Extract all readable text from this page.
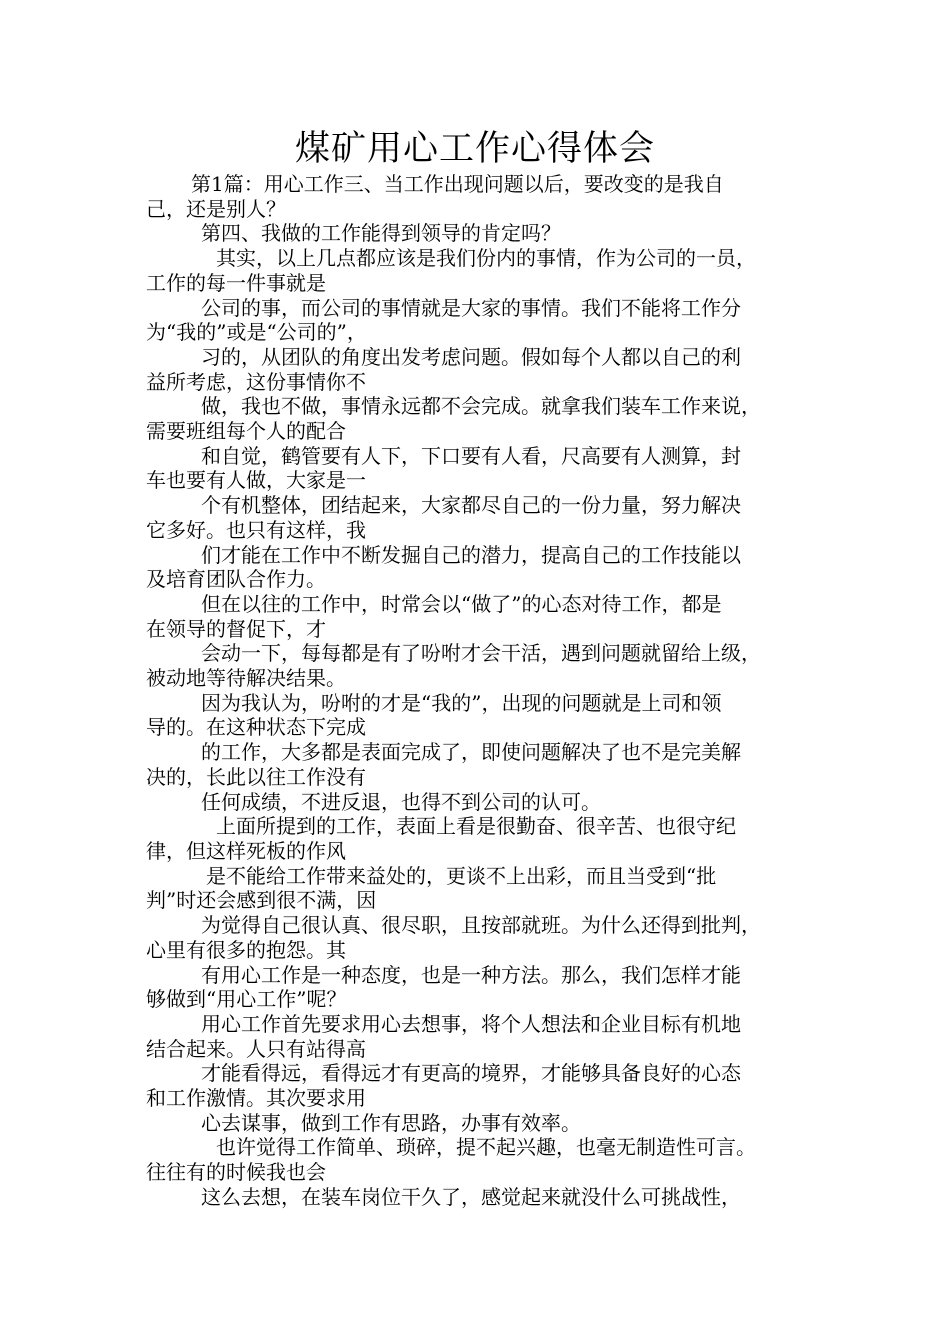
煤矿用心工作心得体会
第1篇：用心工作三、当工作出现问题以后，要改变的是我自
己，还是别人？
第四、我做的工作能得到领导的肯定吗？
其实，以上几点都应该是我们份内的事情，作为公司的一员，
工作的每一件事就是
公司的事，而公司的事情就是大家的事情。我们不能将工作分
为“我的”或是“公司的”，
习的，从团队的角度出发考虑问题。假如每个人都以自己的利
益所考虑，这份事情你不
做，我也不做，事情永远都不会完成。就拿我们装车工作来说，
需要班组每个人的配合
和自觉，鹤管要有人下，下口要有人看，尺高要有人测算，封
车也要有人做，大家是一
个有机整体，团结起来，大家都尽自己的一份力量，努力解决
它多好。也只有这样，我
们才能在工作中不断发掘自己的潜力，提高自己的工作技能以
及培育团队合作力。
但在以往的工作中，时常会以“做了”的心态对待工作，都是
在领导的督促下，才
会动一下，每每都是有了吩咐才会干活，遇到问题就留给上级，
被动地等待解决结果。
因为我认为，吩咐的才是“我的”，出现的问题就是上司和领
导的。在这种状态下完成
的工作，大多都是表面完成了，即使问题解决了也不是完美解
决的，长此以往工作没有
任何成绩，不进反退，也得不到公司的认可。
上面所提到的工作，表面上看是很勤奋、很辛苦、也很守纪
律，但这样死板的作风
是不能给工作带来益处的，更谈不上出彩，而且当受到“批
判”时还会感到很不满，因
为觉得自己很认真、很尽职，且按部就班。为什么还得到批判，
心里有很多的抱怨。其
有用心工作是一种态度，也是一种方法。那么，我们怎样才能
够做到“用心工作”呢？
用心工作首先要求用心去想事，将个人想法和企业目标有机地
结合起来。人只有站得高
才能看得远，看得远才有更高的境界，才能够具备良好的心态
和工作激情。其次要求用
心去谋事，做到工作有思路，办事有效率。
也许觉得工作简单、琐碎，提不起兴趣，也毫无制造性可言。
往往有的时候我也会
这么去想，在装车岗位干久了，感觉起来就没什么可挑战性，
